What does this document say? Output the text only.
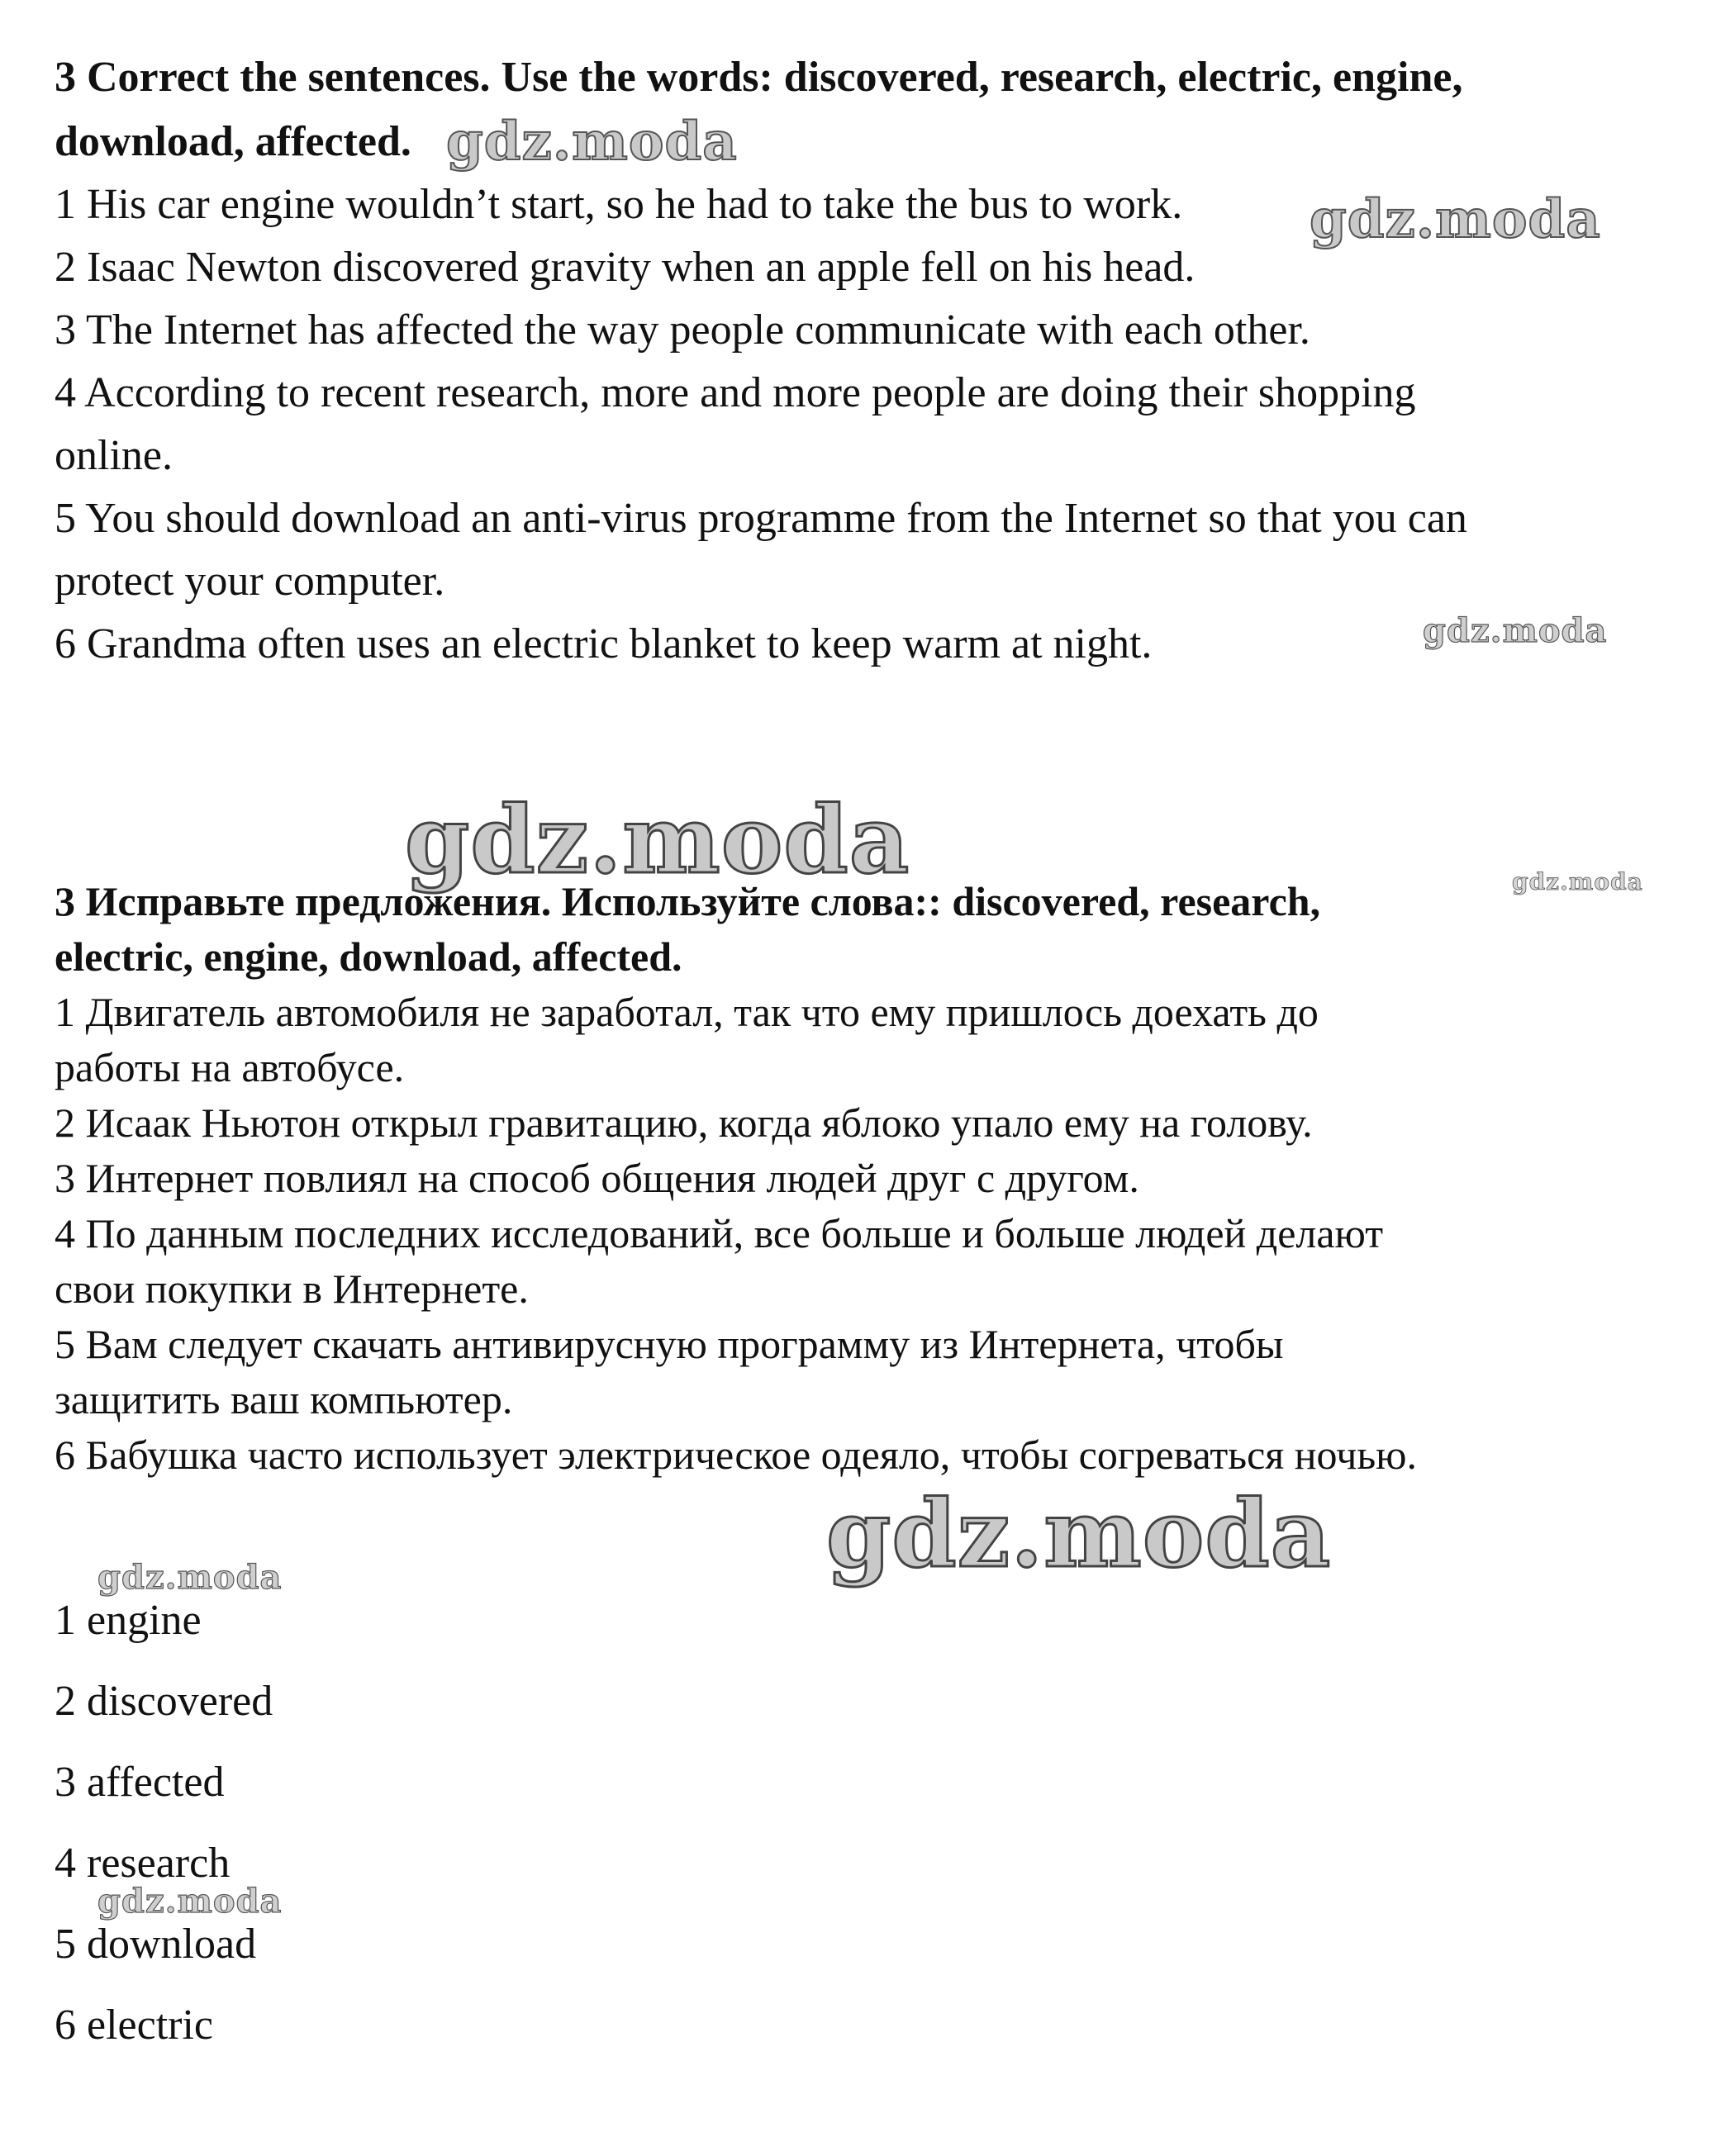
3 Correct the sentences. Use the words: discovered, research, electric, engine,
download, affected.
1 His car engine wouldn’t start, so he had to take the bus to work.
2 Isaac Newton discovered gravity when an apple fell on his head.
3 The Internet has affected the way people communicate with each other.
4 According to recent research, more and more people are doing their shopping
online.
5 You should download an anti-virus programme from the Internet so that you can
protect your computer.
6 Grandma often uses an electric blanket to keep warm at night.
3 Исправьте предложения. Используйте слова:: discovered, research,
electric, engine, download, affected.
1 Двигатель автомобиля не заработал, так что ему пришлось доехать до
работы на автобусе.
2 Исаак Ньютон открыл гравитацию, когда яблоко упало ему на голову.
3 Интернет повлиял на способ общения людей друг с другом.
4 По данным последних исследований, все больше и больше людей делают
свои покупки в Интернете.
5 Вам следует скачать антивирусную программу из Интернета, чтобы
защитить ваш компьютер.
6 Бабушка часто использует электрическое одеяло, чтобы согреваться ночью.
1 engine
2 discovered
3 affected
4 research
5 download
6 electric
gdz.moda
gdz.moda
gdz.moda
gdz.moda	gdz.moda
gdz.moda
gdz.moda
gdz.moda
